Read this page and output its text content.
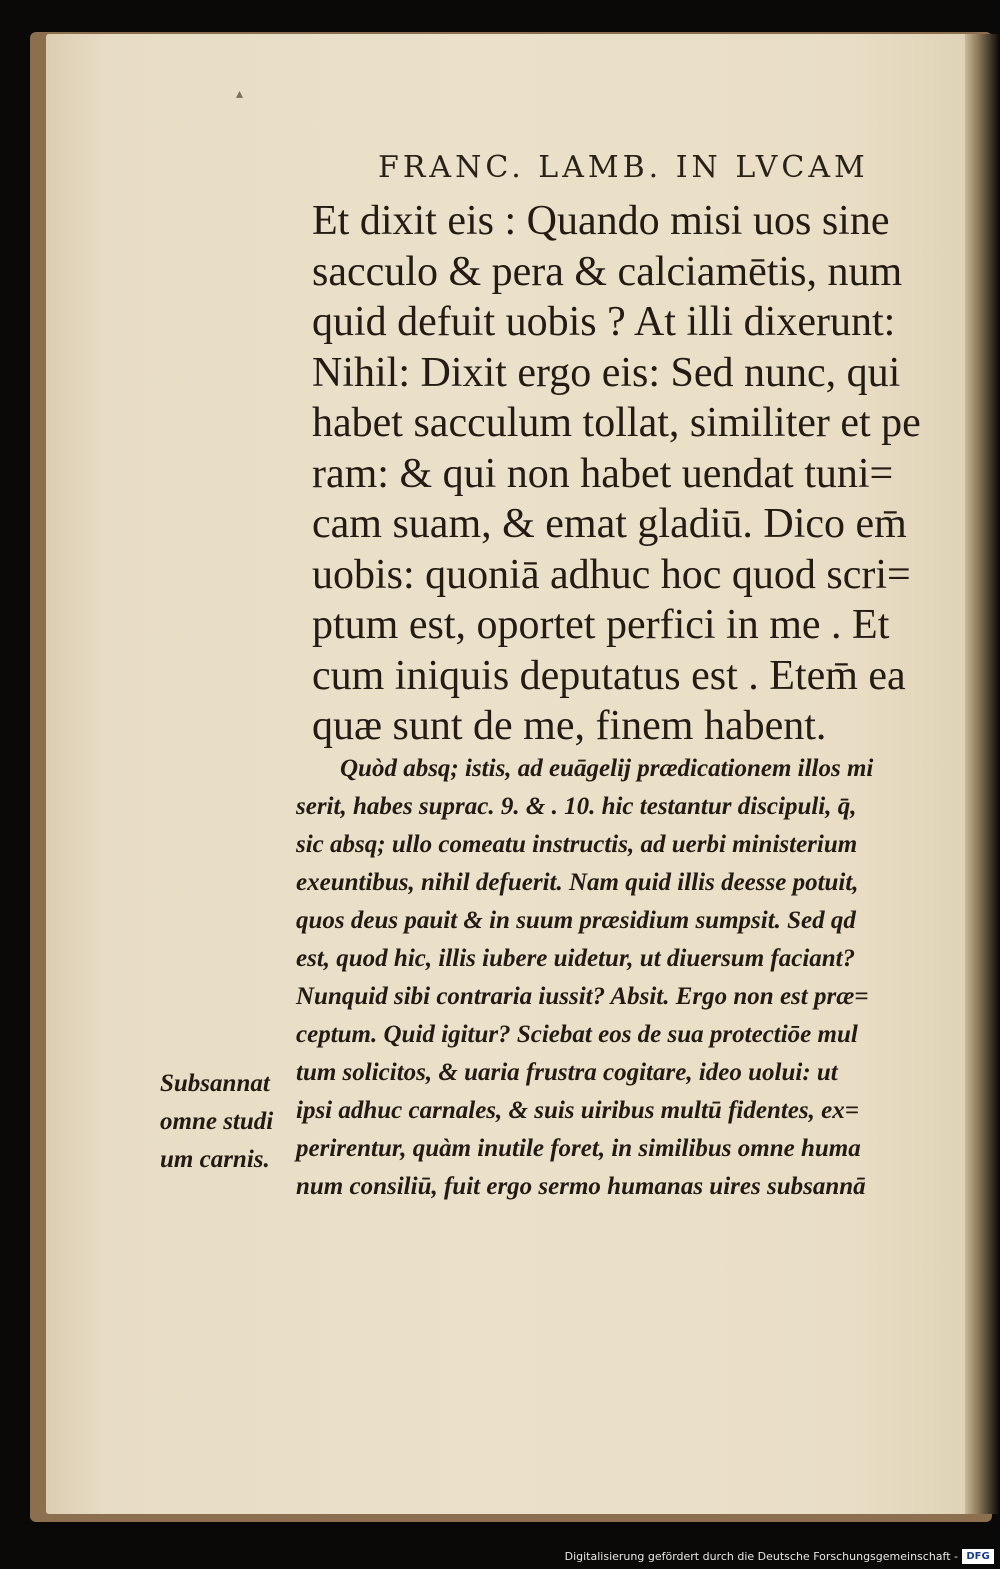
▴
FRANC. LAMB. IN LVCAM
Et dixit eis : Quando misi uos sine
sacculo & pera & calciamētis, num
quid defuit uobis ? At illi dixerunt:
Nihil: Dixit ergo eis: Sed nunc, qui
habet sacculum tollat, similiter et pe
ram: & qui non habet uendat tuni=
cam suam, & emat gladiū. Dico em̄
uobis: quoniā adhuc hoc quod scri=
ptum est, oportet perfici in me . Et
cum iniquis deputatus est . Etem̄ ea
quæ sunt de me, finem habent.
Quòd absq; istis, ad euāgelij prædicationem illos mi
serit, habes suprac. 9. & . 10. hic testantur discipuli, q̄,
sic absq; ullo comeatu instructis, ad uerbi ministerium
exeuntibus, nihil defuerit. Nam quid illis deesse potuit,
quos deus pauit & in suum præsidium sumpsit. Sed qd
est, quod hic, illis iubere uidetur, ut diuersum faciant?
Nunquid sibi contraria iussit? Absit. Ergo non est præ=
ceptum. Quid igitur? Sciebat eos de sua protectiōe mul
tum solicitos, & uaria frustra cogitare, ideo uolui: ut
ipsi adhuc carnales, & suis uiribus multū fidentes, ex=
perirentur, quàm inutile foret, in similibus omne huma
num consiliū, fuit ergo sermo humanas uires subsannā
Subsannat
omne studi
um carnis.
Digitalisierung gefördert durch die Deutsche Forschungsgemeinschaft - DFG
